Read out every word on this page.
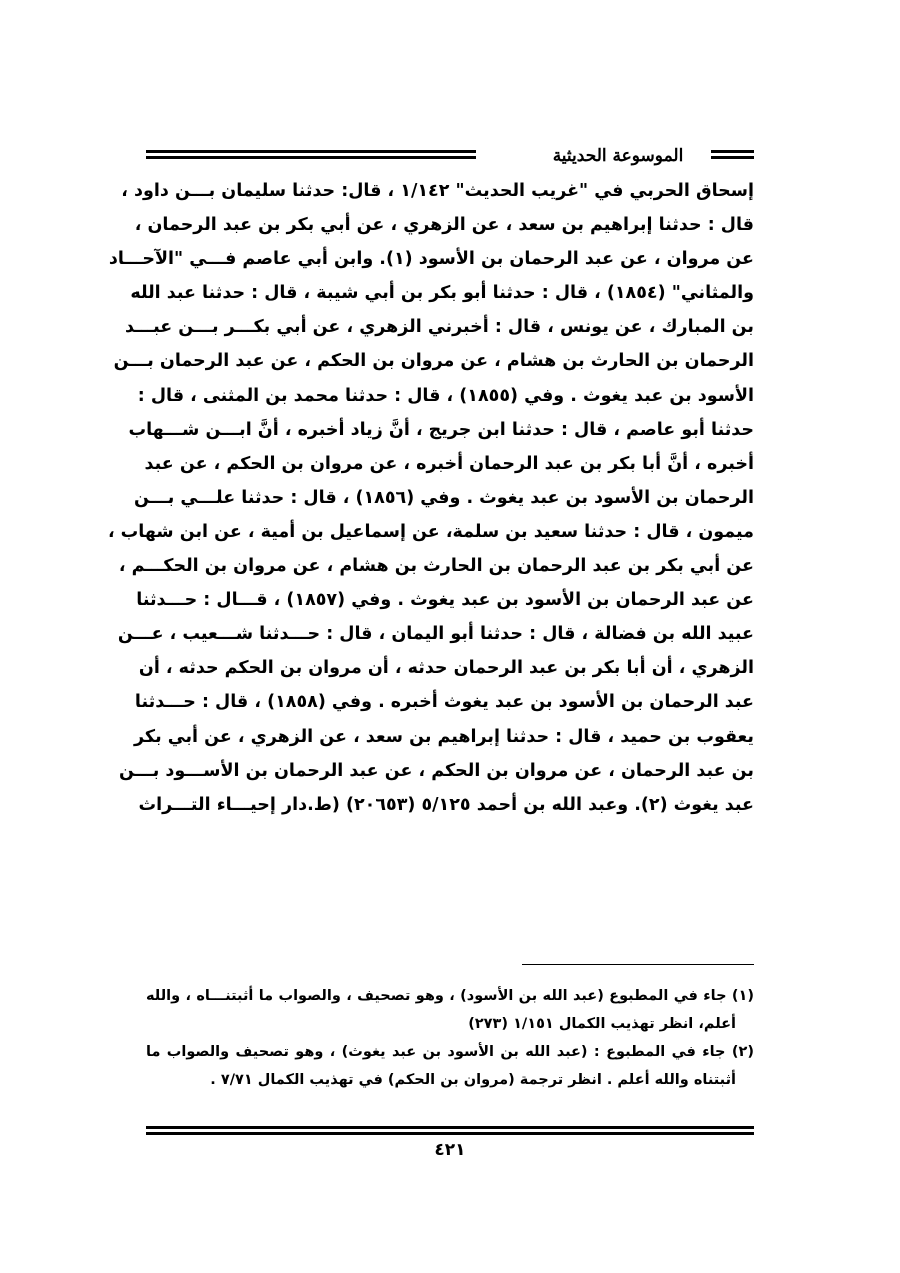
الموسوعة الحديثية
إسحاق الحربي في "غريب الحديث" ١/١٤٢ ، قال: حدثنا سليمان بـــن داود ،
قال : حدثنا إبراهيم بن سعد ، عن الزهري ، عن أبي بكر بن عبد الرحمان ،
عن مروان ، عن عبد الرحمان بن الأسود (١). وابن أبي عاصم فـــي "الآحـــاد
والمثاني" (١٨٥٤) ، قال : حدثنا أبو بكر بن أبي شيبة ، قال : حدثنا عبد الله
بن المبارك ، عن يونس ، قال : أخبرني الزهري ، عن أبي بكـــر بـــن عبـــد
الرحمان بن الحارث بن هشام ، عن مروان بن الحكم ، عن عبد الرحمان بـــن
الأسود بن عبد يغوث . وفي (١٨٥٥) ، قال : حدثنا محمد بن المثنى ، قال :
حدثنا أبو عاصم ، قال : حدثنا ابن جريج ، أنَّ زياد أخبره ، أنَّ ابـــن شـــهاب
أخبره ، أنَّ أبا بكر بن عبد الرحمان أخبره ، عن مروان بن الحكم ، عن عبد
الرحمان بن الأسود بن عبد يغوث . وفي (١٨٥٦) ، قال : حدثنا علـــي بـــن
ميمون ، قال : حدثنا سعيد بن سلمة، عن إسماعيل بن أمية ، عن ابن شهاب ،
عن أبي بكر بن عبد الرحمان بن الحارث بن هشام ، عن مروان بن الحكـــم ،
عن عبد الرحمان بن الأسود بن عبد يغوث . وفي (١٨٥٧) ، قـــال : حـــدثنا
عبيد الله بن فضالة ، قال : حدثنا أبو اليمان ، قال : حـــدثنا شـــعيب ، عـــن
الزهري ، أن أبا بكر بن عبد الرحمان حدثه ، أن مروان بن الحكم حدثه ، أن
عبد الرحمان بن الأسود بن عبد يغوث أخبره . وفي (١٨٥٨) ، قال : حـــدثنا
يعقوب بن حميد ، قال : حدثنا إبراهيم بن سعد ، عن الزهري ، عن أبي بكر
بن عبد الرحمان ، عن مروان بن الحكم ، عن عبد الرحمان بن الأســـود بـــن
عبد يغوث (٢). وعبد الله بن أحمد ٥/١٢٥ (٢٠٦٥٣) (ط.دار إحيـــاء التـــراث
(١) جاء في المطبوع (عبد الله بن الأسود) ، وهو تصحيف ، والصواب ما أثبتنـــاه ، والله
أعلم، انظر تهذيب الكمال ١/١٥١ (٢٧٣)
(٢) جاء في المطبوع : (عبد الله بن الأسود بن عبد يغوث) ، وهو تصحيف والصواب ما
أثبتناه والله أعلم . انظر ترجمة (مروان بن الحكم) في تهذيب الكمال ٧/٧١ .
٤٢١
